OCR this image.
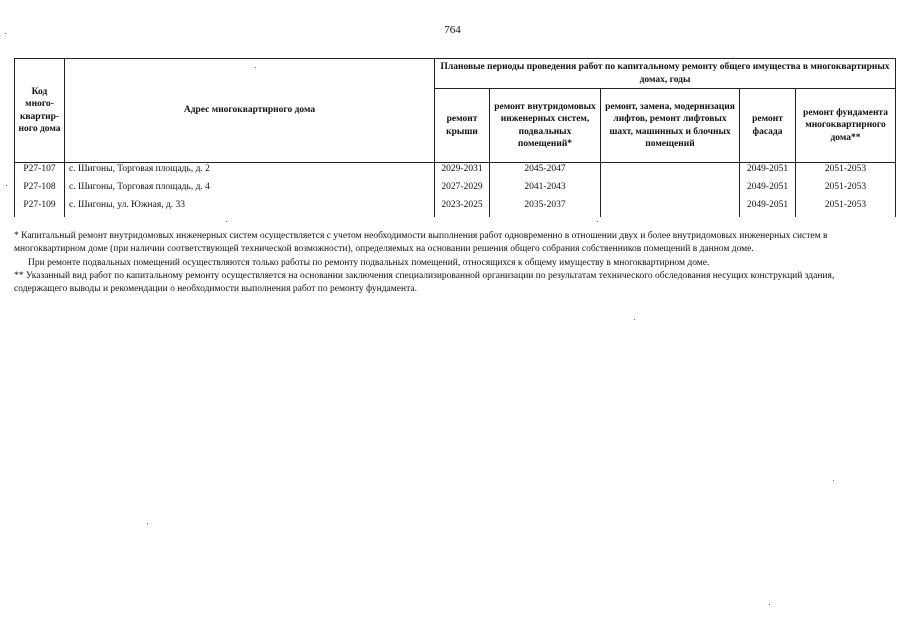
764
Код много-квартир-ного дома	Адрес многоквартирного дома	Плановые периоды проведения работ по капитальному ремонту общего имущества в многоквартирных домах, годы				
		ремонт крыши	ремонт внутридомовых инженерных систем, подвальных помещений*	ремонт, замена, модернизация лифтов, ремонт лифтовых шахт, машинных и блочных помещений	ремонт фасада	ремонт фундамента многоквартирного дома**
Р27-107	с. Шигоны, Торговая площадь, д. 2	2029-2031	2045-2047		2049-2051	2051-2053
Р27-108	с. Шигоны, Торговая площадь, д. 4	2027-2029	2041-2043		2049-2051	2051-2053
Р27-109	с. Шигоны, ул. Южная, д. 33	2023-2025	2035-2037		2049-2051	2051-2053

* Капитальный ремонт внутридомовых инженерных систем осуществляется с учетом необходимости выполнения работ одновременно в отношении двух и более внутридомовых инженерных систем в многоквартирном доме (при наличии соответствующей технической возможности), определяемых на основании решения общего собрания собственников помещений в данном доме.

При ремонте подвальных помещений осуществляются только работы по ремонту подвальных помещений, относящихся к общему имуществу в многоквартирном доме.

** Указанный вид работ по капитальному ремонту осуществляется на основании заключения специализированной организации по результатам технического обследования несущих конструкций здания, содержащего выводы и рекомендации о необходимости выполнения работ по ремонту фундамента.
